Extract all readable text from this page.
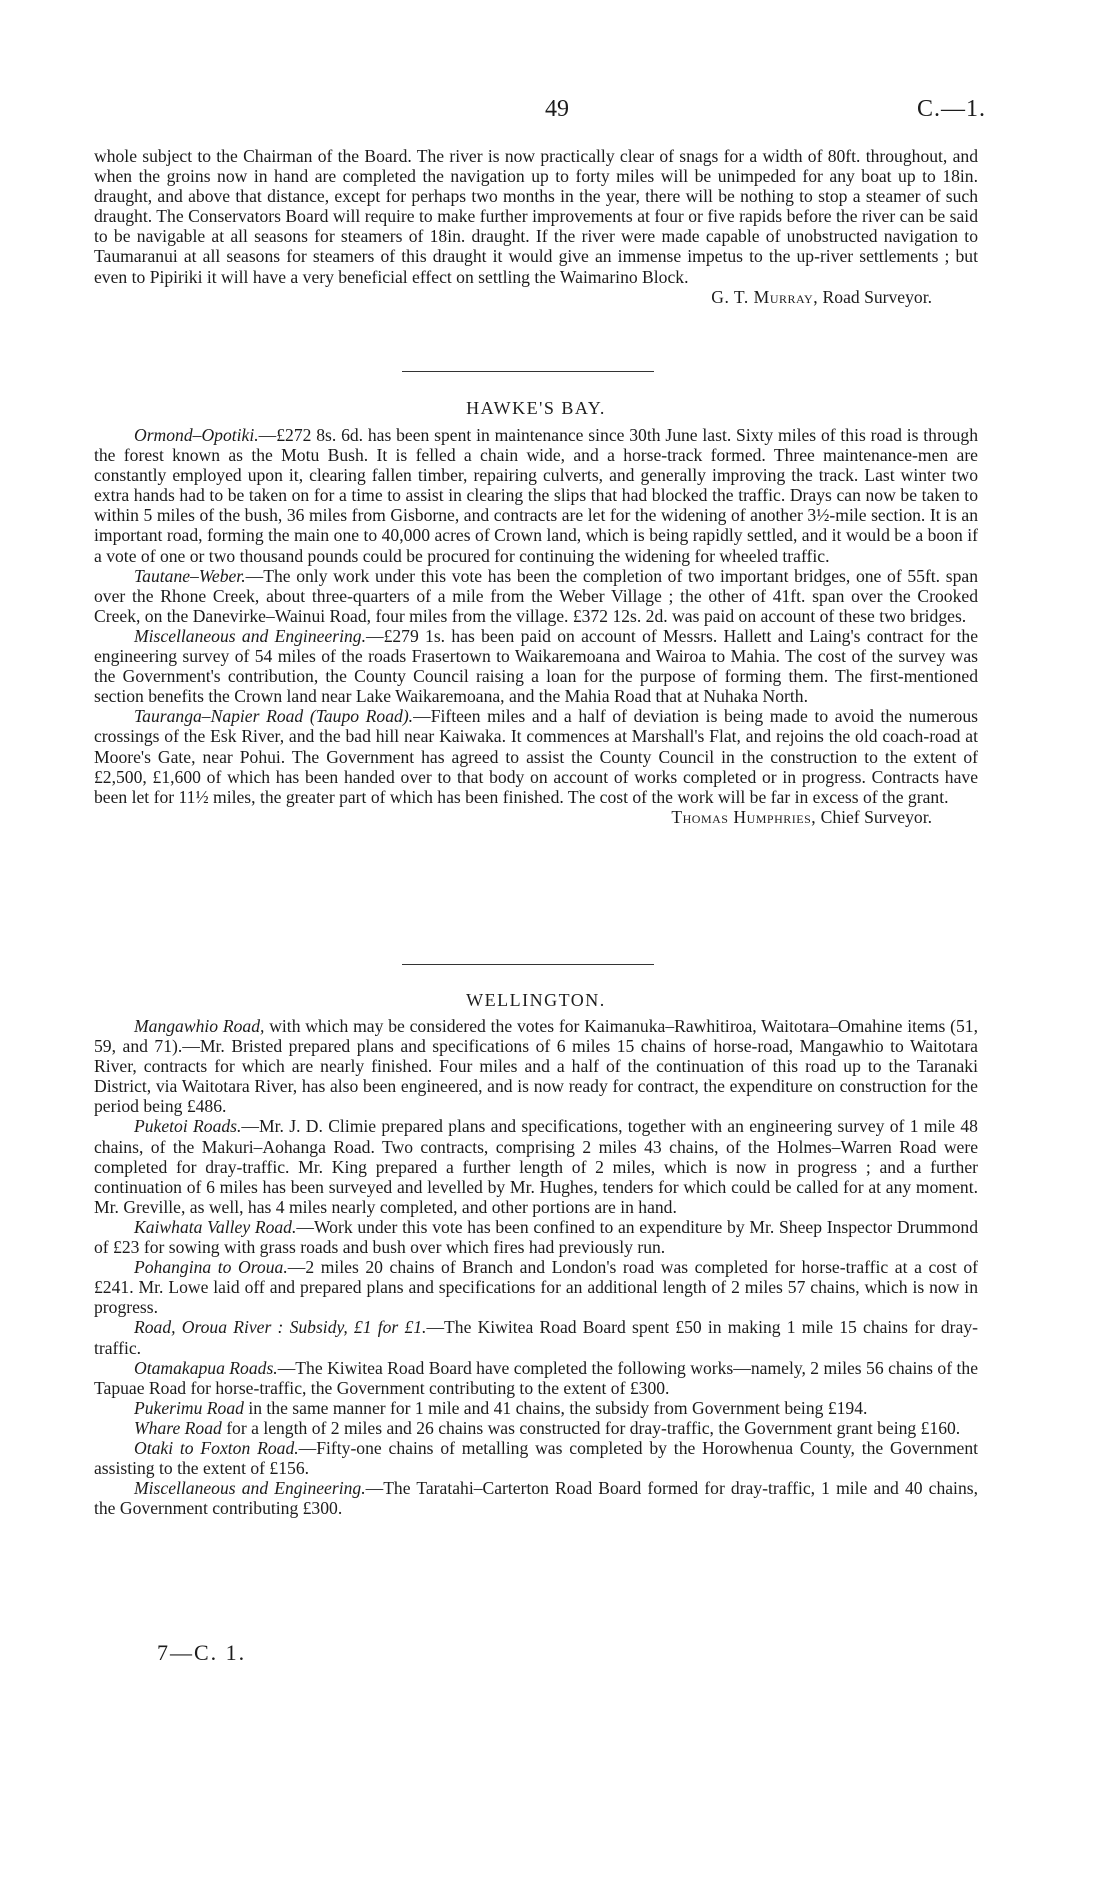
49	C.—1.

whole subject to the Chairman of the Board. The river is now practically clear of snags for a width of 80ft. throughout, and when the groins now in hand are completed the navigation up to forty miles will be unimpeded for any boat up to 18in. draught, and above that distance, except for perhaps two months in the year, there will be nothing to stop a steamer of such draught. The Conservators Board will require to make further improvements at four or five rapids before the river can be said to be navigable at all seasons for steamers of 18in. draught. If the river were made capable of unobstructed navigation to Taumaranui at all seasons for steamers of this draught it would give an immense impetus to the up-river settlements ; but even to Pipiriki it will have a very beneficial effect on settling the Waimarino Block.

G. T. Murray, Road Surveyor.
HAWKE'S BAY.

Ormond–Opotiki.—£272 8s. 6d. has been spent in maintenance since 30th June last. Sixty miles of this road is through the forest known as the Motu Bush. It is felled a chain wide, and a horse-track formed. Three maintenance-men are constantly employed upon it, clearing fallen timber, repairing culverts, and generally improving the track. Last winter two extra hands had to be taken on for a time to assist in clearing the slips that had blocked the traffic. Drays can now be taken to within 5 miles of the bush, 36 miles from Gisborne, and contracts are let for the widening of another 3½-mile section. It is an important road, forming the main one to 40,000 acres of Crown land, which is being rapidly settled, and it would be a boon if a vote of one or two thousand pounds could be procured for continuing the widening for wheeled traffic.

Tautane–Weber.—The only work under this vote has been the completion of two important bridges, one of 55ft. span over the Rhone Creek, about three-quarters of a mile from the Weber Village ; the other of 41ft. span over the Crooked Creek, on the Danevirke–Wainui Road, four miles from the village. £372 12s. 2d. was paid on account of these two bridges.

Miscellaneous and Engineering.—£279 1s. has been paid on account of Messrs. Hallett and Laing's contract for the engineering survey of 54 miles of the roads Frasertown to Waikaremoana and Wairoa to Mahia. The cost of the survey was the Government's contribution, the County Council raising a loan for the purpose of forming them. The first-mentioned section benefits the Crown land near Lake Waikaremoana, and the Mahia Road that at Nuhaka North.

Tauranga–Napier Road (Taupo Road).—Fifteen miles and a half of deviation is being made to avoid the numerous crossings of the Esk River, and the bad hill near Kaiwaka. It commences at Marshall's Flat, and rejoins the old coach-road at Moore's Gate, near Pohui. The Government has agreed to assist the County Council in the construction to the extent of £2,500, £1,600 of which has been handed over to that body on account of works completed or in progress. Contracts have been let for 11½ miles, the greater part of which has been finished. The cost of the work will be far in excess of the grant.

Thomas Humphries, Chief Surveyor.
WELLINGTON.

Mangawhio Road, with which may be considered the votes for Kaimanuka–Rawhitiroa, Waitotara–Omahine items (51, 59, and 71).—Mr. Bristed prepared plans and specifications of 6 miles 15 chains of horse-road, Mangawhio to Waitotara River, contracts for which are nearly finished. Four miles and a half of the continuation of this road up to the Taranaki District, via Waitotara River, has also been engineered, and is now ready for contract, the expenditure on construction for the period being £486.

Puketoi Roads.—Mr. J. D. Climie prepared plans and specifications, together with an engineering survey of 1 mile 48 chains, of the Makuri–Aohanga Road. Two contracts, comprising 2 miles 43 chains, of the Holmes–Warren Road were completed for dray-traffic. Mr. King prepared a further length of 2 miles, which is now in progress ; and a further continuation of 6 miles has been surveyed and levelled by Mr. Hughes, tenders for which could be called for at any moment. Mr. Greville, as well, has 4 miles nearly completed, and other portions are in hand.

Kaiwhata Valley Road.—Work under this vote has been confined to an expenditure by Mr. Sheep Inspector Drummond of £23 for sowing with grass roads and bush over which fires had previously run.

Pohangina to Oroua.—2 miles 20 chains of Branch and London's road was completed for horse-traffic at a cost of £241. Mr. Lowe laid off and prepared plans and specifications for an additional length of 2 miles 57 chains, which is now in progress.

Road, Oroua River : Subsidy, £1 for £1.—The Kiwitea Road Board spent £50 in making 1 mile 15 chains for dray-traffic.

Otamakapua Roads.—The Kiwitea Road Board have completed the following works—namely, 2 miles 56 chains of the Tapuae Road for horse-traffic, the Government contributing to the extent of £300.

Pukerimu Road in the same manner for 1 mile and 41 chains, the subsidy from Government being £194.

Whare Road for a length of 2 miles and 26 chains was constructed for dray-traffic, the Government grant being £160.

Otaki to Foxton Road.—Fifty-one chains of metalling was completed by the Horowhenua County, the Government assisting to the extent of £156.

Miscellaneous and Engineering.—The Taratahi–Carterton Road Board formed for dray-traffic, 1 mile and 40 chains, the Government contributing £300.

7—C. 1.
